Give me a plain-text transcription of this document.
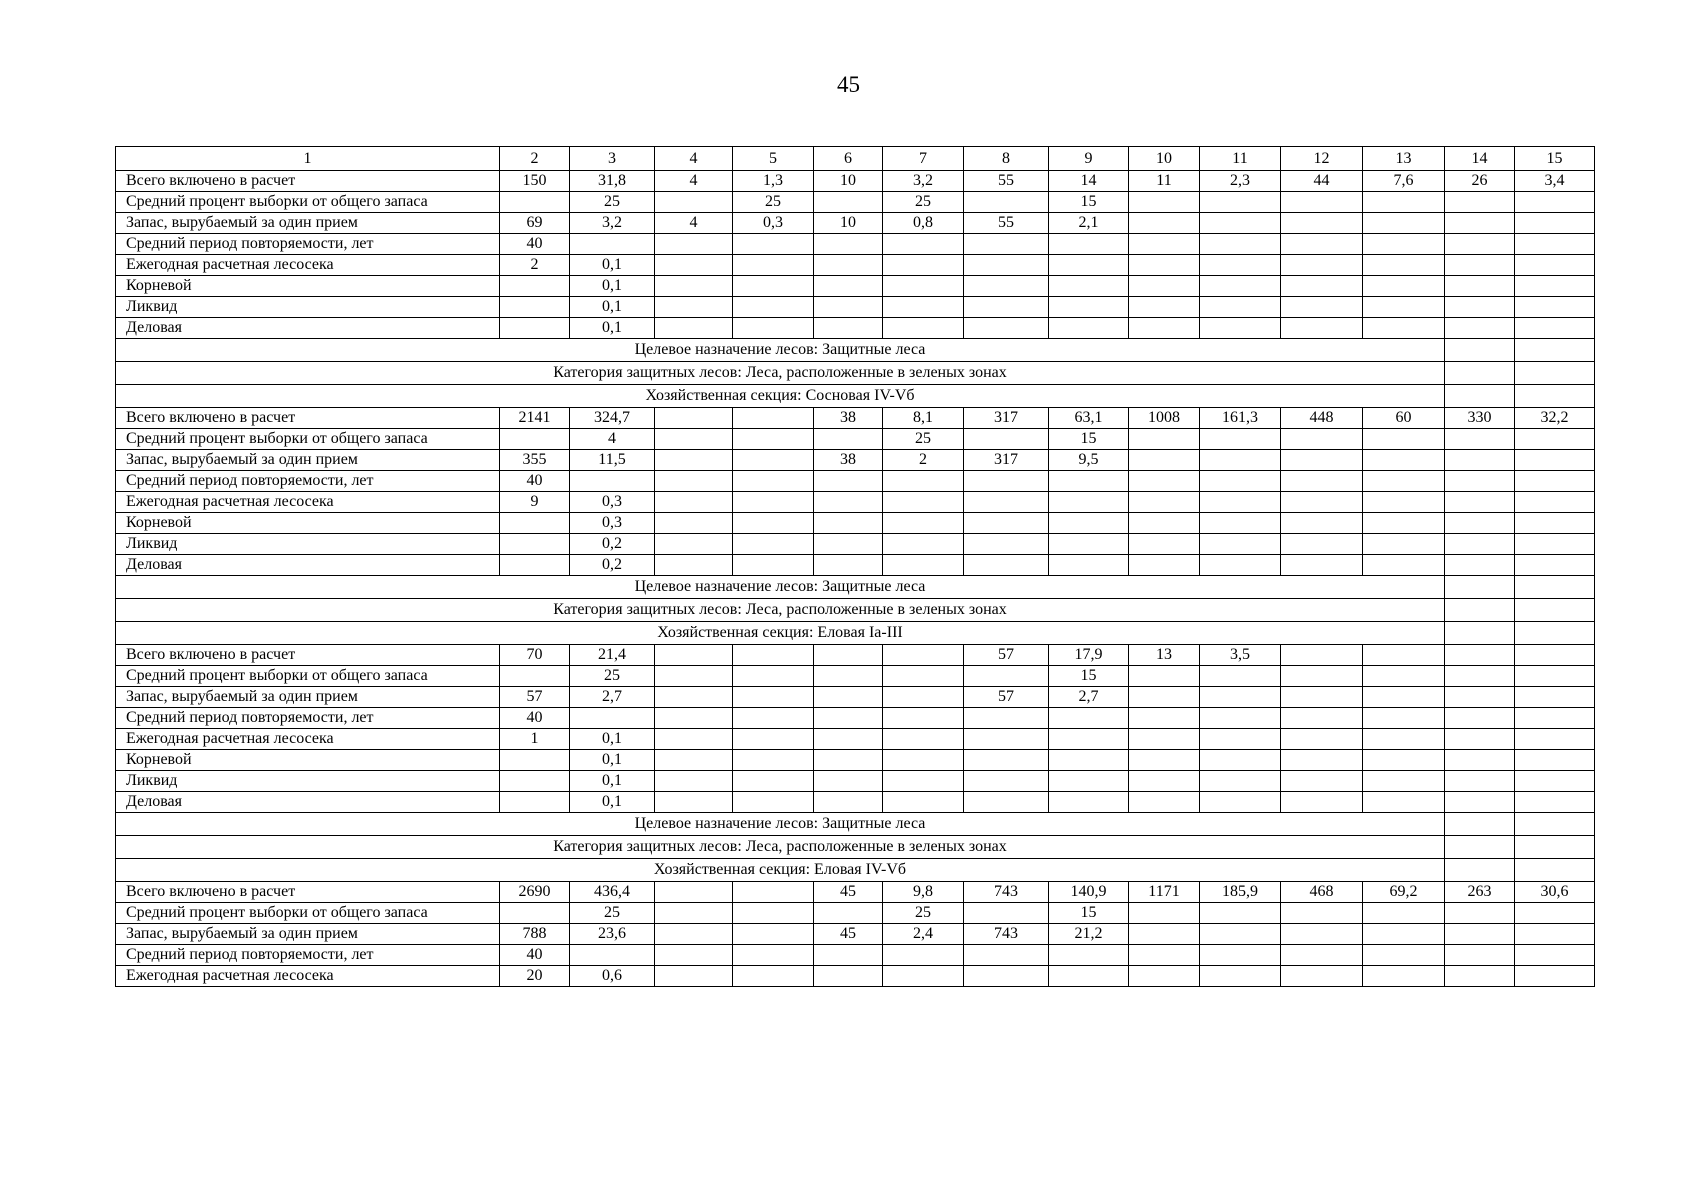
45
1	2	3	4	5	6	7	8	9	10	11	12	13	14	15
Всего включено в расчет	150	31,8	4	1,3	10	3,2	55	14	11	2,3	44	7,6	26	3,4
Средний процент выборки от общего запаса		25		25		25		15						
Запас, вырубаемый за один прием	69	3,2	4	0,3	10	0,8	55	2,1						
Средний период повторяемости, лет	40													
Ежегодная расчетная лесосека	2	0,1												
Корневой		0,1												
Ликвид		0,1												
Деловая		0,1												
Целевое назначение лесов: Защитные леса														
Категория защитных лесов: Леса, расположенные в зеленых зонах														
Хозяйственная секция: Сосновая IV-Vб														
Всего включено в расчет	2141	324,7			38	8,1	317	63,1	1008	161,3	448	60	330	32,2
Средний процент выборки от общего запаса		4				25		15						
Запас, вырубаемый за один прием	355	11,5			38	2	317	9,5						
Средний период повторяемости, лет	40													
Ежегодная расчетная лесосека	9	0,3												
Корневой		0,3												
Ликвид		0,2												
Деловая		0,2												
Целевое назначение лесов: Защитные леса														
Категория защитных лесов: Леса, расположенные в зеленых зонах														
Хозяйственная секция: Еловая Ia-III														
Всего включено в расчет	70	21,4					57	17,9	13	3,5				
Средний процент выборки от общего запаса		25						15						
Запас, вырубаемый за один прием	57	2,7					57	2,7						
Средний период повторяемости, лет	40													
Ежегодная расчетная лесосека	1	0,1												
Корневой		0,1												
Ликвид		0,1												
Деловая		0,1												
Целевое назначение лесов: Защитные леса														
Категория защитных лесов: Леса, расположенные в зеленых зонах														
Хозяйственная секция: Еловая IV-Vб														
Всего включено в расчет	2690	436,4			45	9,8	743	140,9	1171	185,9	468	69,2	263	30,6
Средний процент выборки от общего запаса		25				25		15						
Запас, вырубаемый за один прием	788	23,6			45	2,4	743	21,2						
Средний период повторяемости, лет	40													
Ежегодная расчетная лесосека	20	0,6												
